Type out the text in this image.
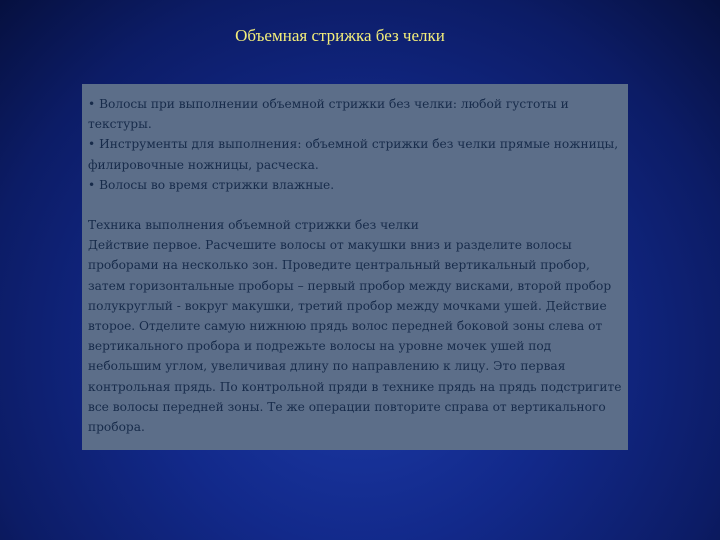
Объемная стрижка без челки

• Волосы при выполнении объемной стрижки без челки: любой густоты и текстуры.

• Инструменты для выполнения: объемной стрижки без челки прямые ножницы, филировочные ножницы, расческа.

• Волосы во время стрижки влажные.

Техника выполнения объемной стрижки без челки

Действие первое. Расчешите волосы от макушки вниз и разделите волосы проборами на несколько зон. Проведите центральный вертикальный пробор, затем горизонтальные проборы – первый пробор между висками, второй пробор полукруглый - вокруг макушки, третий пробор между мочками ушей. Действие второе. Отделите самую нижнюю прядь волос передней боковой зоны слева от вертикального пробора и подрежьте волосы на уровне мочек ушей под небольшим углом, увеличивая длину по направлению к лицу. Это первая контрольная прядь. По контрольной пряди в технике прядь на прядь подстригите все волосы передней зоны. Те же операции повторите справа от вертикального пробора.
